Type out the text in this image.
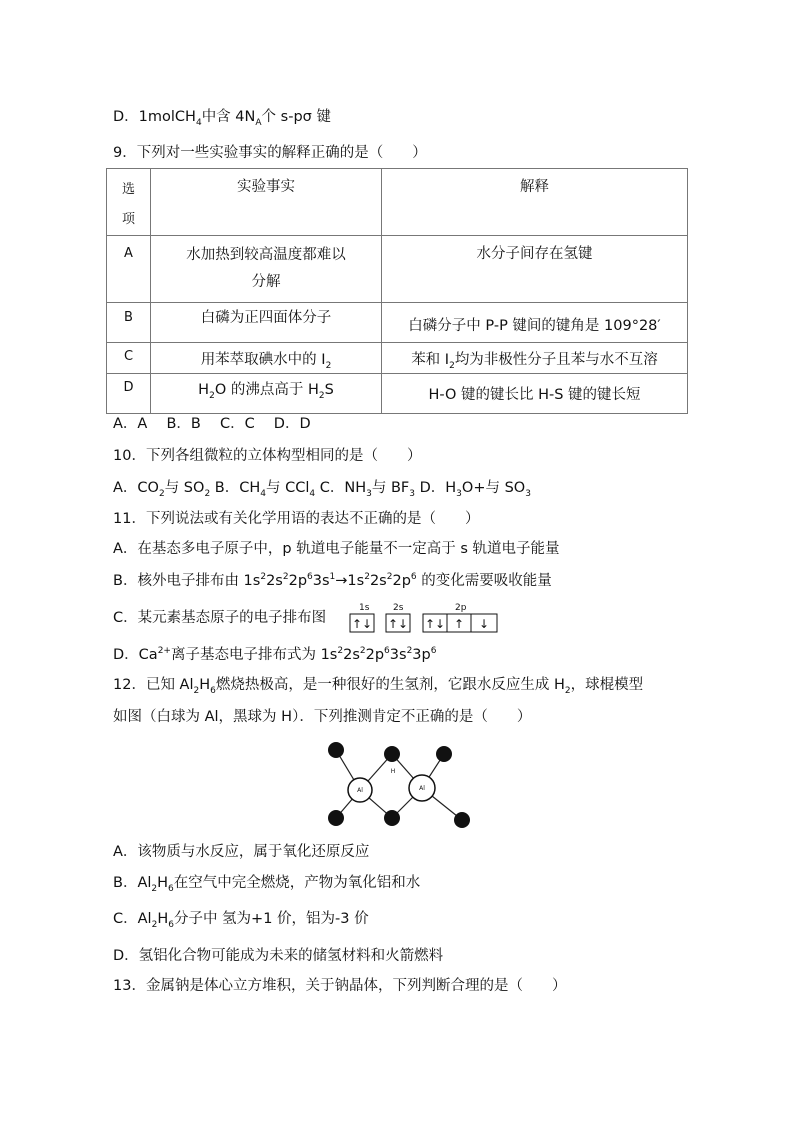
D．1molCH$_4$中含 $4N_A$个 s-pσ 键
9．下列对一些实验事实的解释正确的是（　　）
选
项	实验事实	解释

A	水加热到较高温度都难以
分解	水分子间存在氢键

B	白磷为正四面体分子	白磷分子中 P-P 键间的键角是 109°28′

C	用苯萃取碘水中的 $I_2$	苯和 $I_2$均为非极性分子且苯与水不互溶

D	$H_2O$ 的沸点高于 $H_2S$	H-O 键的键长比 H-S 键的键长短
A．A　 B．B　 C．C　 D．D
10．下列各组微粒的立体构型相同的是（　　）
A．$CO_2$与 $SO_2$ B．$CH_4$与 CCl$_4$ C．$NH_3$与 $BF_3$ D．$H_3O+$与 $SO_3$
11．下列说法或有关化学用语的表达不正确的是（　　）
A．在基态多电子原子中，p 轨道电子能量不一定高于 s 轨道电子能量
B．核外电子排布由 $1s^22s^22p^63s^1\to 1s^22s^22p^6$ 的变化需要吸收能量
C．某元素基态原子的电子排布图
1s	2s	2p
↑↓ ↑↓ ↑↓ ↑ ↓
D．$Ca^{2+}$离子基态电子排布式为 $1s^22s^22p^63s^23p^6$
12．已知 $Al_2H_6$燃烧热极高，是一种很好的生氢剂，它跟水反应生成 $H_2$，球棍模型
如图（白球为 Al，黑球为 H）．下列推测肯定不正确的是（　　）
Al
H
Al
A．该物质与水反应，属于氧化还原反应
B．$Al_2H_6$在空气中完全燃烧，产物为氧化铝和水
C．$Al_2H_6$分子中 氢为+1 价，铝为-3 价
D．氢铝化合物可能成为未来的储氢材料和火箭燃料
13．金属钠是体心立方堆积，关于钠晶体，下列判断合理的是（　　）
